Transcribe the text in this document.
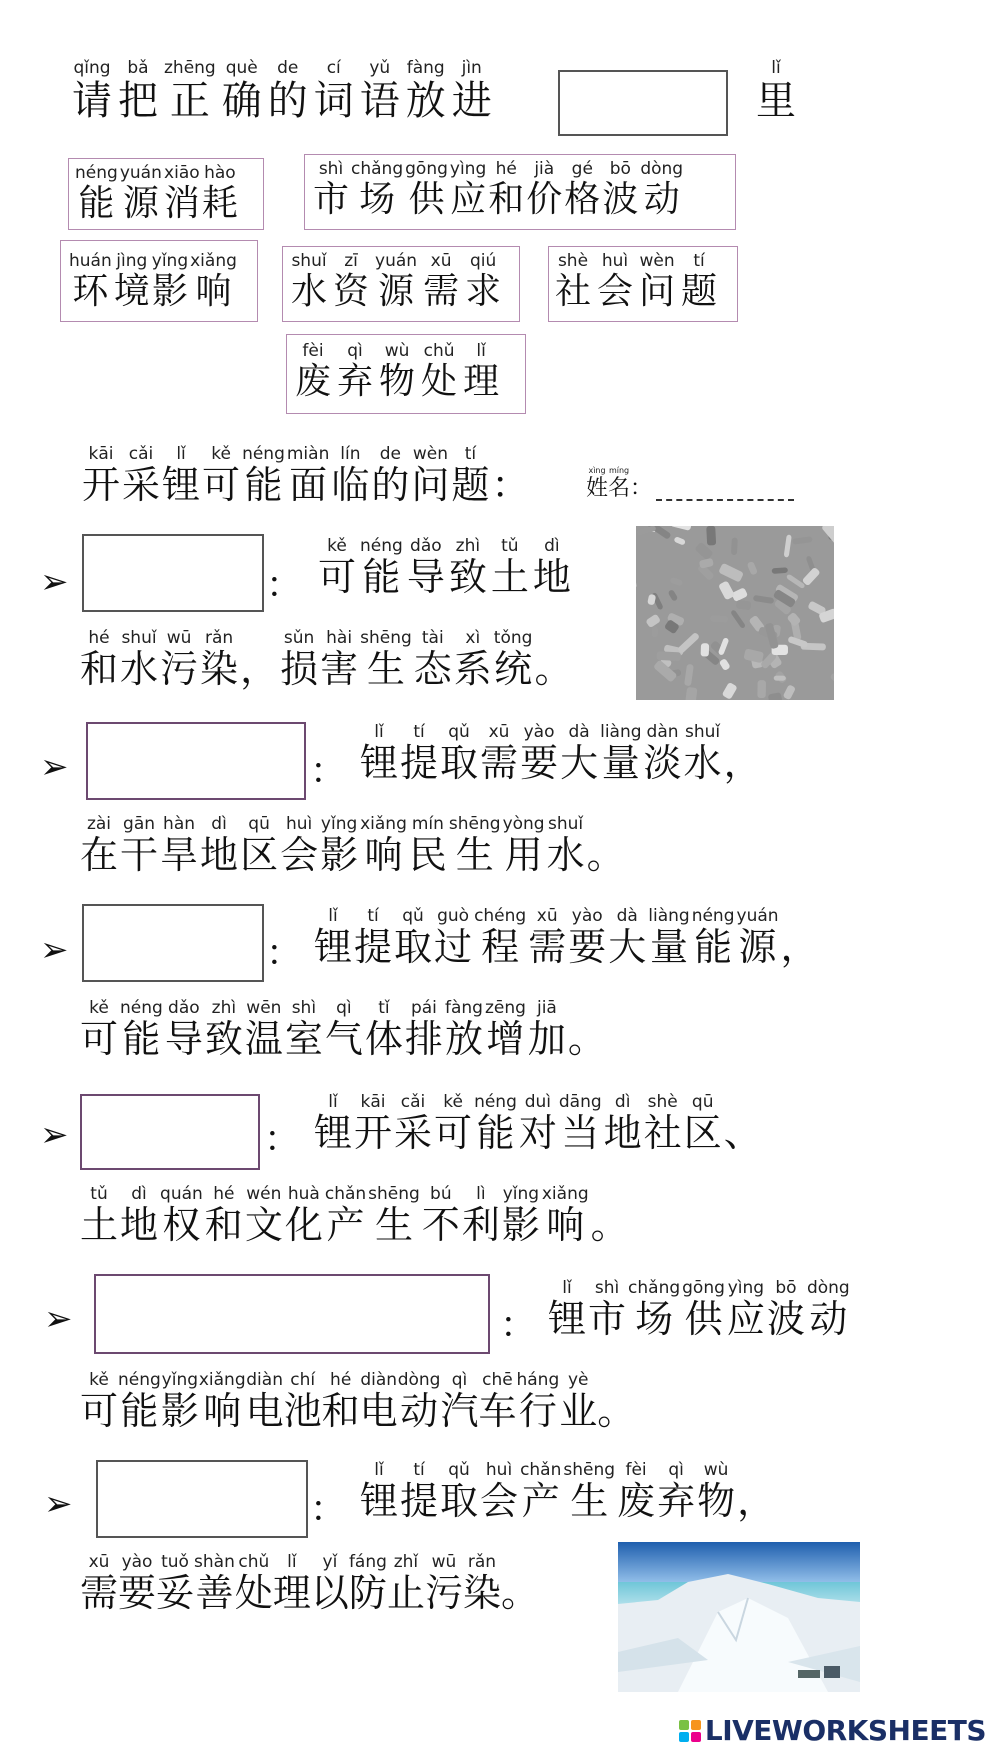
qǐng
请
bǎ
把
zhēng
正
què
确
de
的
cí
词
yǔ
语
fàng
放
jìn
进
lǐ
里
néng
能
yuán
源
xiāo
消
hào
耗
shì
市
chǎng
场
gōng
供
yìng
应
hé
和
jià
价
gé
格
bō
波
dòng
动
huán
环
jìng
境
yǐng
影
xiǎng
响
shuǐ
水
zī
资
yuán
源
xū
需
qiú
求
shè
社
huì
会
wèn
问
tí
题
fèi
废
qì
弃
wù
物
chǔ
处
lǐ
理
kāi
开
cǎi
采
lǐ
锂
kě
可
néng
能
miàn
面
lín
临
de
的
wèn
问
tí
题
：	xìng
姓
míng
名
：
➢	：
kě
可
néng
能
dǎo
导
zhì
致
tǔ
土
dì
地
hé
和
shuǐ
水
wū
污
rǎn
染
，
sǔn
损
hài
害
shēng
生
tài
态
xì
系
tǒng
统
。
➢	：
lǐ
锂
tí
提
qǔ
取
xū
需
yào
要
dà
大
liàng
量
dàn
淡
shuǐ
水
，
zài
在
gān
干
hàn
旱
dì
地
qū
区
huì
会
yǐng
影
xiǎng
响
mín
民
shēng
生
yòng
用
shuǐ
水
。
➢	：
lǐ
锂
tí
提
qǔ
取
guò
过
chéng
程
xū
需
yào
要
dà
大
liàng
量
néng
能
yuán
源
，
kě
可
néng
能
dǎo
导
zhì
致
wēn
温
shì
室
qì
气
tǐ
体
pái
排
fàng
放
zēng
增
jiā
加
。
➢	：
lǐ
锂
kāi
开
cǎi
采
kě
可
néng
能
duì
对
dāng
当
dì
地
shè
社
qū
区
、
tǔ
土
dì
地
quán
权
hé
和
wén
文
huà
化
chǎn
产
shēng
生
bú
不
lì
利
yǐng
影
xiǎng
响
。
➢	：
lǐ
锂
shì
市
chǎng
场
gōng
供
yìng
应
bō
波
dòng
动
kě
可
néng
能
yǐng
影
xiǎng
响
diàn
电
chí
池
hé
和
diàn
电
dòng
动
qì
汽
chē
车
háng
行
yè
业
。
➢	：
lǐ
锂
tí
提
qǔ
取
huì
会
chǎn
产
shēng
生
fèi
废
qì
弃
wù
物
，
xū
需
yào
要
tuǒ
妥
shàn
善
chǔ
处
lǐ
理
yǐ
以
fáng
防
zhǐ
止
wū
污
rǎn
染
。
LIVEWORKSHEETS
